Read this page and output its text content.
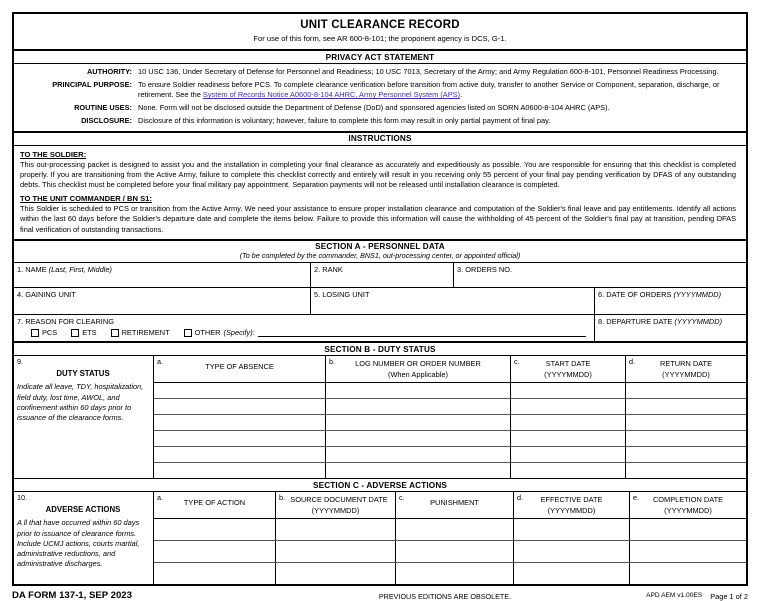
UNIT CLEARANCE RECORD
For use of this form, see AR 600-8-101; the proponent agency is DCS, G-1.
PRIVACY ACT STATEMENT
AUTHORITY: 10 USC 136, Under Secretary of Defense for Personnel and Readiness; 10 USC 7013, Secretary of the Army; and Army Regulation 600-8-101, Personnel Readiness Processing.
PRINCIPAL PURPOSE: To ensure Soldier readiness before PCS. To complete clearance verification before transition from active duty, transfer to another Service or Component, separation, discharge, or retirement. See the System of Records Notice A0600-8-104 AHRC, Army Personnel System (APS).
ROUTINE USES: None. Form will not be disclosed outside the Department of Defense (DoD) and sponsored agencies listed on SORN A0600-8-104 AHRC (APS).
DISCLOSURE: Disclosure of this information is voluntary; however, failure to complete this form may result in only partial payment of final pay.
INSTRUCTIONS
TO THE SOLDIER:
This out-processing packet is designed to assist you and the installation in completing your final clearance as accurately and expeditiously as possible. You are responsible for ensuring that this checklist is completed properly. If you are transitioning from the Active Army, failure to complete this checklist correctly and entirely will result in you receiving only 55 percent of your final pay pending verification by DFAS of any outstanding debts. This checklist must be completed before your final military pay appointment. Separation payments will not be released until installation clearance is completed.
TO THE UNIT COMMANDER / BN S1:
This Soldier is scheduled to PCS or transition from the Active Army. We need your assistance to ensure proper installation clearance and computation of the Soldier's final leave and pay entitlements. Identify all actions within the last 60 days before the Soldier's departure date and complete the items below. Failure to provide this information will cause the withholding of 45 percent of the Soldier's final pay at transition, pending DFAS final verification of outstanding transactions.
SECTION A - PERSONNEL DATA
(To be completed by the commander, BNS1, out-processing center, or appointed official)
1. NAME (Last, First, Middle)	2. RANK	3. ORDERS NO.
4. GAINING UNIT	5. LOSING UNIT	6. DATE OF ORDERS (YYYYMMDD)
7. REASON FOR CLEARING
PCS	ETS	RETIREMENT	OTHER (Specify):
8. DEPARTURE DATE (YYYYMMDD)
SECTION B - DUTY STATUS
9.
DUTY STATUS
Indicate all leave, TDY, hospitalization, field duty, lost time, AWOL, and confinement within 60 days prior to issuance of the clearance forms.
a.
TYPE OF ABSENCE
b.	LOG NUMBER OR ORDER NUMBER
(When Applicable)
c.	START DATE
(YYYYMMDD)
d.	RETURN DATE
(YYYYMMDD)
SECTION C - ADVERSE ACTIONS
10.
ADVERSE ACTIONS
A ll that have occurred within 60 days prior to issuance of clearance forms. Include UCMJ actions, courts martial, administrative reductions, and administrative discharges.
a.
TYPE OF ACTION
b. SOURCE DOCUMENT DATE
(YYYYMMDD)
c.
PUNISHMENT
d.	EFFECTIVE DATE
(YYYYMMDD)
e.	COMPLETION DATE
(YYYYMMDD)
DA FORM 137-1, SEP 2023	PREVIOUS EDITIONS ARE OBSOLETE.	APD AEM v1.00ES Page 1 of 2
